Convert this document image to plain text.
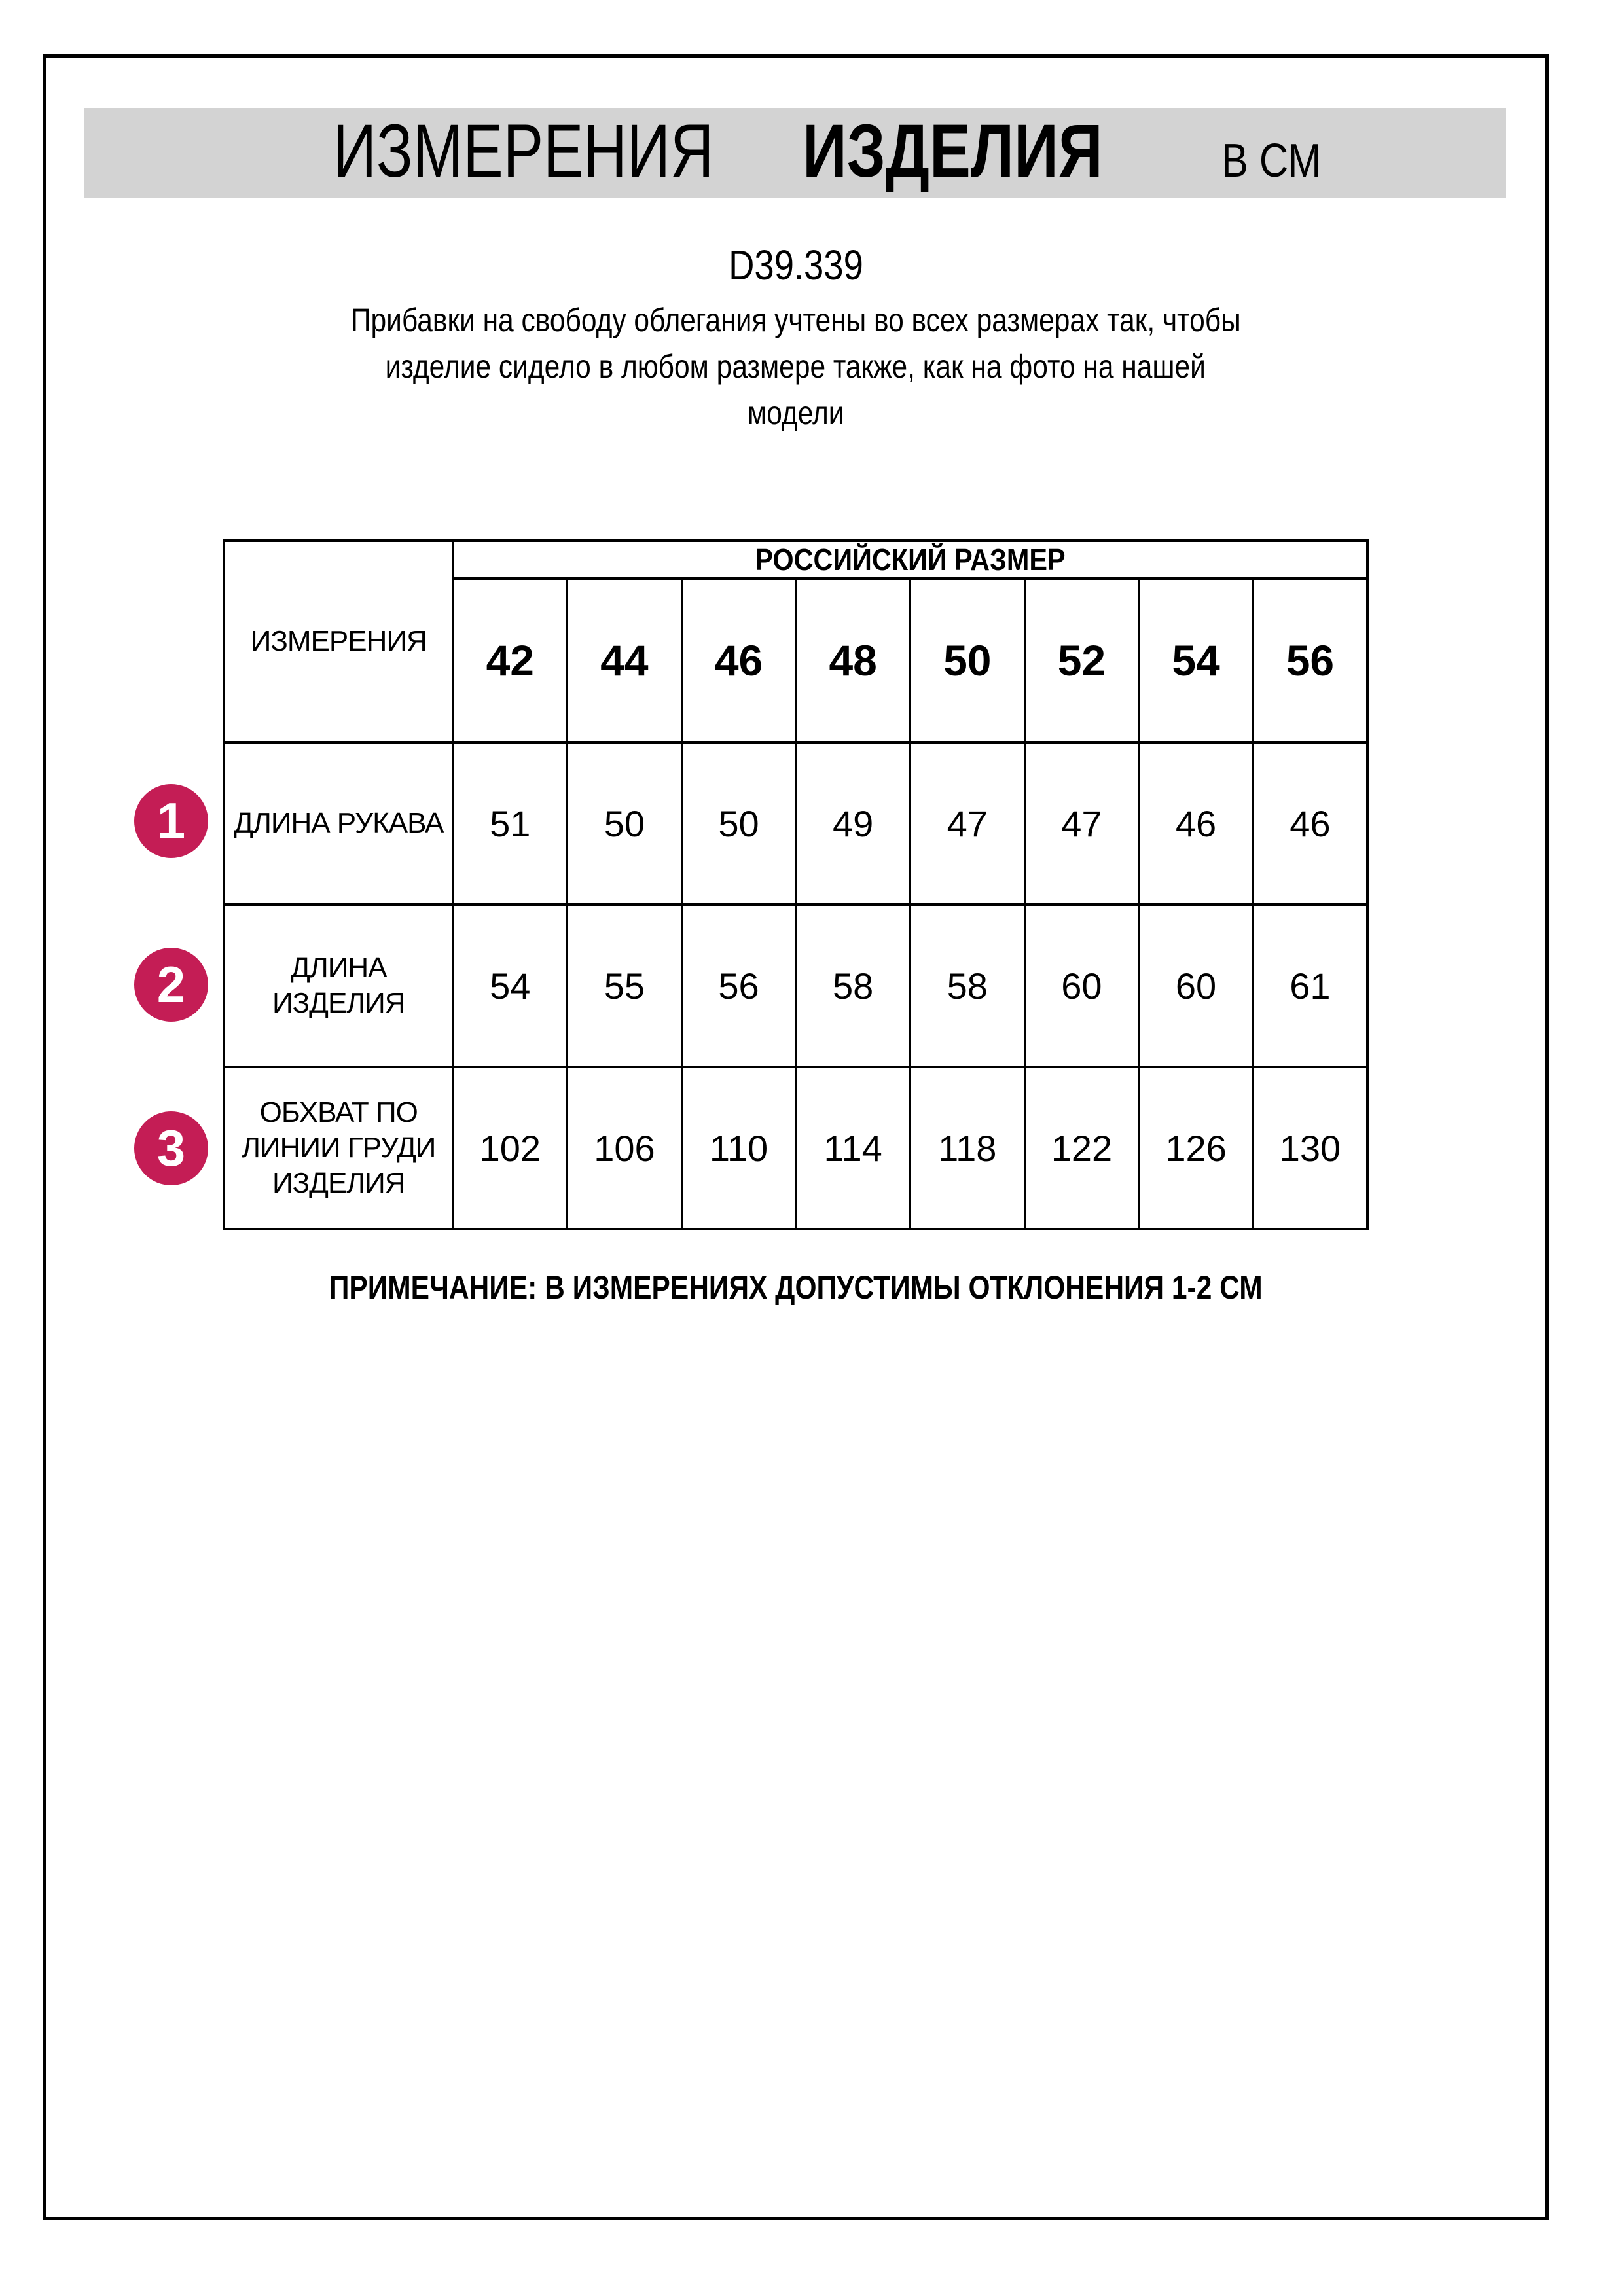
ИЗМЕРЕНИЯ ИЗДЕЛИЯ	В СМ
D39.339
Прибавки на свободу облегания учтены во всех размерах так, чтобы
изделие сидело в любом размере также, как на фото на нашей
модели
ИЗМЕРЕНИЯ	РОССИЙСКИЙ РАЗМЕР							
	42	44	46	48	50	52	54	56

ДЛИНА РУКАВА	51	50	50	49	47	47	46	46

ДЛИНА
ИЗДЕЛИЯ	54	55	56	58	58	60	60	61

ОБХВАТ ПО
ЛИНИИ ГРУДИ
ИЗДЕЛИЯ	102	106	110	114	118	122	126	130
1
2
3
ПРИМЕЧАНИЕ: В ИЗМЕРЕНИЯХ ДОПУСТИМЫ ОТКЛОНЕНИЯ 1-2 СМ
